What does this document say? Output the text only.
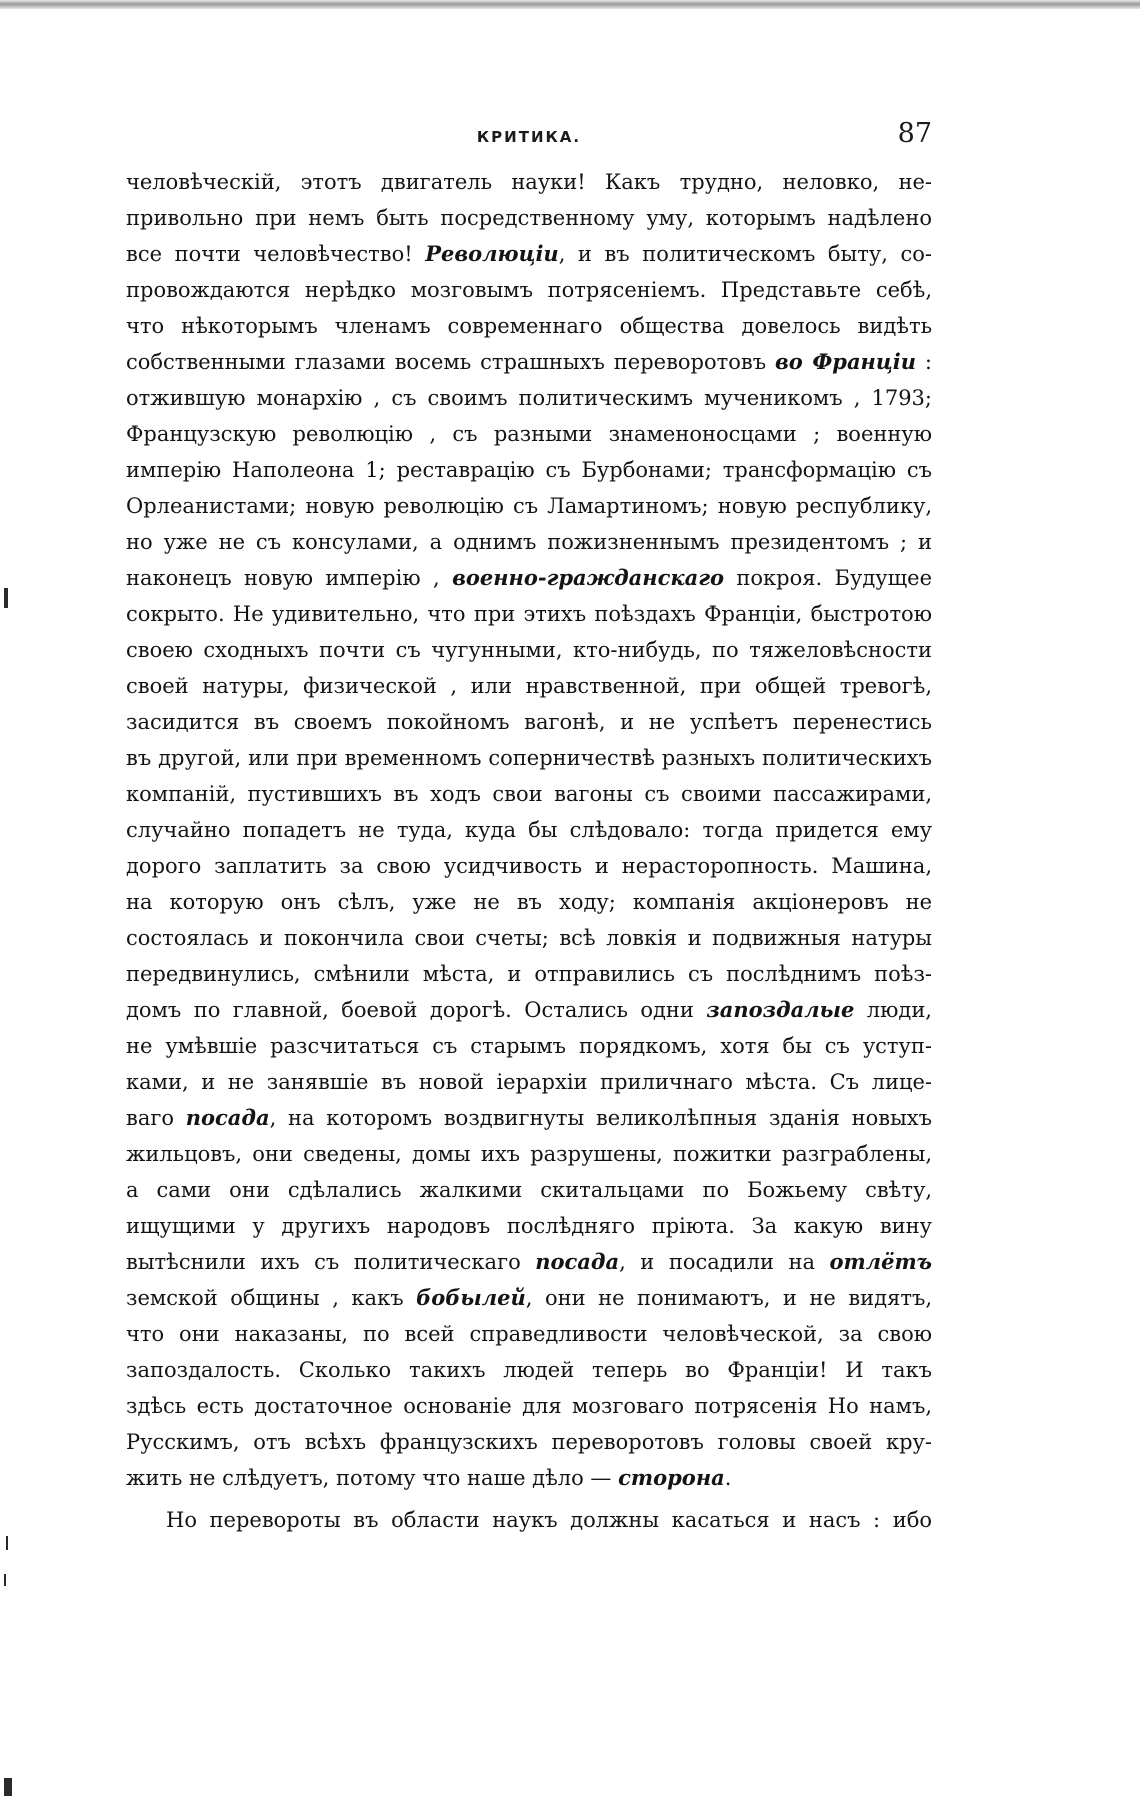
КРИТИКА.	87
человѣческій, этотъ двигатель науки! Какъ трудно, неловко, не-
привольно при немъ быть посредственному уму, которымъ надѣлено
все почти человѣчество! Революціи, и въ политическомъ быту, со-
провождаются нерѣдко мозговымъ потрясеніемъ. Представьте себѣ,
что нѣкоторымъ членамъ современнаго общества довелось видѣть
собственными глазами восемь страшныхъ переворотовъ во Франціи :
отжившую монархію , съ своимъ политическимъ мученикомъ , 1793;
Французскую революцію , съ разными знаменоносцами ; военную
имперію Наполеона 1; реставрацію съ Бурбонами; трансформацію съ
Орлеанистами; новую революцію съ Ламартиномъ; новую республику,
но уже не съ консулами, а однимъ пожизненнымъ президентомъ ; и
наконецъ новую имперію , военно-гражданскаго покроя. Будущее
сокрыто. Не удивительно, что при этихъ поѣздахъ Франціи, быстротою
своею сходныхъ почти съ чугунными, кто-нибудь, по тяжеловѣсности
своей натуры, физической , или нравственной, при общей тревогѣ,
засидится въ своемъ покойномъ вагонѣ, и не успѣетъ перенестись
въ другой, или при временномъ соперничествѣ разныхъ политическихъ
компаній, пустившихъ въ ходъ свои вагоны съ своими пассажирами,
случайно попадетъ не туда, куда бы слѣдовало: тогда придется ему
дорого заплатить за свою усидчивость и нерасторопность. Машина,
на которую онъ сѣлъ, уже не въ ходу; компанія акціонеровъ не
состоялась и покончила свои счеты; всѣ ловкія и подвижныя натуры
передвинулись, смѣнили мѣста, и отправились съ послѣднимъ поѣз-
домъ по главной, боевой дорогѣ. Остались одни запоздалые люди,
не умѣвшіе разсчитаться съ старымъ порядкомъ, хотя бы съ уступ-
ками, и не занявшіе въ новой іерархіи приличнаго мѣста. Съ лице-
ваго посада, на которомъ воздвигнуты великолѣпныя зданія новыхъ
жильцовъ, они сведены, домы ихъ разрушены, пожитки разграблены,
а сами они сдѣлались жалкими скитальцами по Божьему свѣту,
ищущими у другихъ народовъ послѣдняго пріюта. За какую вину
вытѣснили ихъ съ политическаго посада, и посадили на отлётъ
земской общины , какъ бобылей, они не понимаютъ, и не видятъ,
что они наказаны, по всей справедливости человѣческой, за свою
запоздалость. Сколько такихъ людей теперь во Франціи! И такъ
здѣсь есть достаточное основаніе для мозговаго потрясенія Но намъ,
Русскимъ, отъ всѣхъ французскихъ переворотовъ головы своей кру-
жить не слѣдуетъ, потому что наше дѣло — сторона.
Но перевороты въ области наукъ должны касаться и насъ : ибо
